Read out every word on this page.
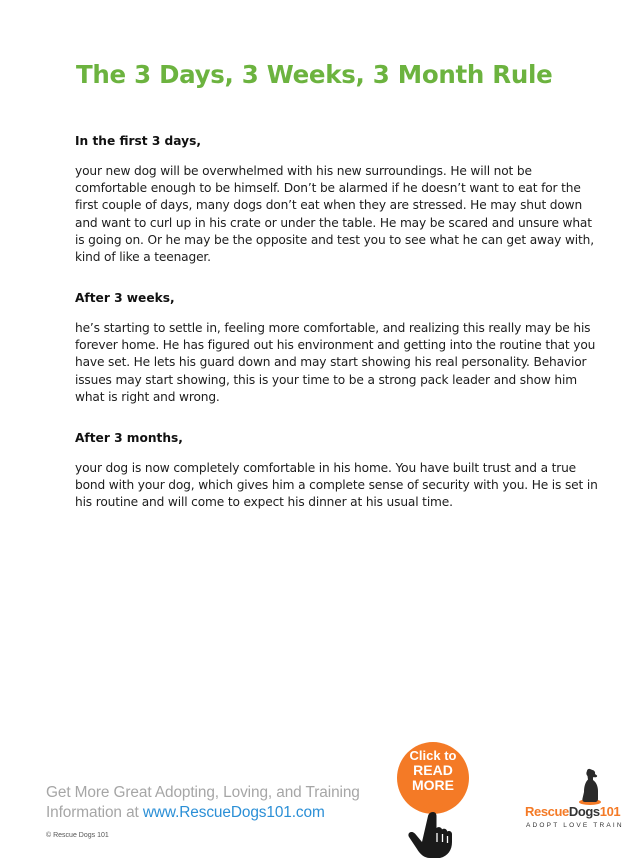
The 3 Days, 3 Weeks, 3 Month Rule
In the first 3 days,

your new dog will be overwhelmed with his new surroundings. He will not be comfortable enough to be himself. Don’t be alarmed if he doesn’t want to eat for the first couple of days, many dogs don’t eat when they are stressed. He may shut down and want to curl up in his crate or under the table. He may be scared and unsure what is going on. Or he may be the opposite and test you to see what he can get away with, kind of like a teenager.

After 3 weeks,

he’s starting to settle in, feeling more comfortable, and realizing this really may be his forever home. He has figured out his environment and getting into the routine that you have set. He lets his guard down and may start showing his real personality. Behavior issues may start showing, this is your time to be a strong pack leader and show him what is right and wrong.

After 3 months,

your dog is now completely comfortable in his home. You have built trust and a true bond with your dog, which gives him a complete sense of security with you. He is set in his routine and will come to expect his dinner at his usual time.

Get More Great Adopting, Loving, and Training
Information at www.RescueDogs101.com
© Rescue Dogs 101
Click to
READ
MORE
RescueDogs101
ADOPT LOVE TRAIN
